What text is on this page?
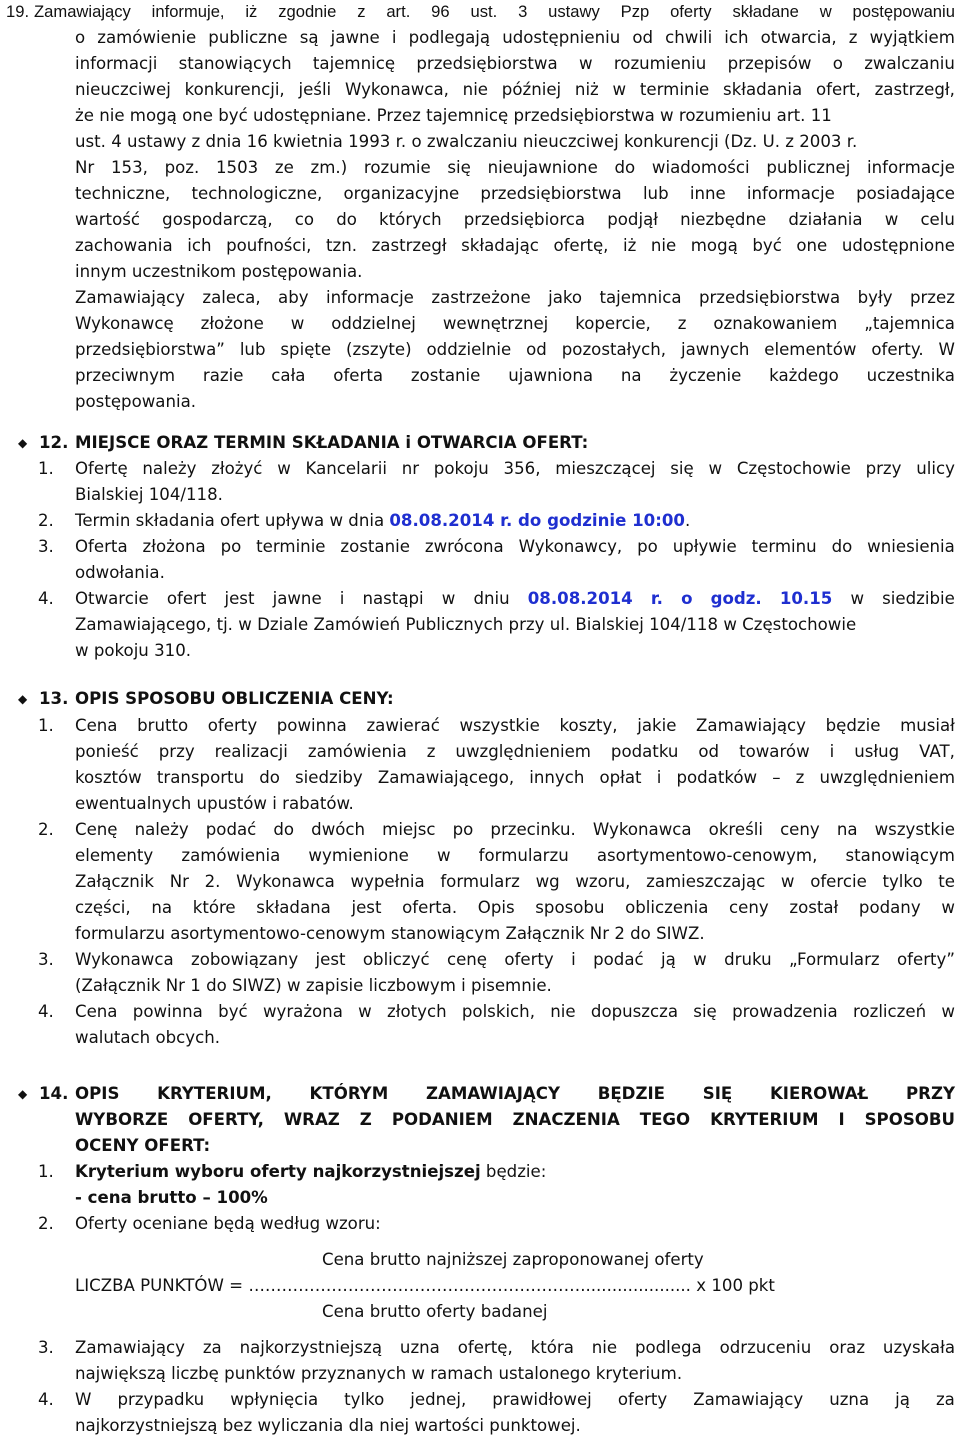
19. Zamawiający informuje, iż zgodnie z art. 96 ust. 3 ustawy Pzp oferty składane w postępowaniu
o zamówienie publiczne są jawne i podlegają udostępnieniu od chwili ich otwarcia, z wyjątkiem
informacji stanowiących tajemnicę przedsiębiorstwa w rozumieniu przepisów o zwalczaniu
nieuczciwej konkurencji, jeśli Wykonawca, nie później niż w terminie składania ofert, zastrzegł,
że nie mogą one być udostępniane. Przez tajemnicę przedsiębiorstwa w rozumieniu art. 11
ust. 4 ustawy z dnia 16 kwietnia 1993 r. o zwalczaniu nieuczciwej konkurencji (Dz. U. z 2003 r.
Nr 153, poz. 1503 ze zm.) rozumie się nieujawnione do wiadomości publicznej informacje
techniczne, technologiczne, organizacyjne przedsiębiorstwa lub inne informacje posiadające
wartość gospodarczą, co do których przedsiębiorca podjął niezbędne działania w celu
zachowania ich poufności, tzn. zastrzegł składając ofertę, iż nie mogą być one udostępnione
innym uczestnikom postępowania.
Zamawiający zaleca, aby informacje zastrzeżone jako tajemnica przedsiębiorstwa były przez
Wykonawcę złożone w oddzielnej wewnętrznej kopercie, z oznakowaniem „tajemnica
przedsiębiorstwa” lub spięte (zszyte) oddzielnie od pozostałych, jawnych elementów oferty. W
przeciwnym razie cała oferta zostanie ujawniona na życzenie każdego uczestnika
postępowania.
◆ 12. MIEJSCE ORAZ TERMIN SKŁADANIA i OTWARCIA OFERT:
1. Ofertę należy złożyć w Kancelarii nr pokoju 356, mieszczącej się w Częstochowie przy ulicy
Bialskiej 104/118.
2. Termin składania ofert upływa w dnia 08.08.2014 r. do godzinie 10:00.
3. Oferta złożona po terminie zostanie zwrócona Wykonawcy, po upływie terminu do wniesienia
odwołania.
4. Otwarcie ofert jest jawne i nastąpi w dniu 08.08.2014 r. o godz. 10.15 w siedzibie
Zamawiającego, tj. w Dziale Zamówień Publicznych przy ul. Bialskiej 104/118 w Częstochowie
w pokoju 310.
◆ 13. OPIS SPOSOBU OBLICZENIA CENY:
1. Cena brutto oferty powinna zawierać wszystkie koszty, jakie Zamawiający będzie musiał
ponieść przy realizacji zamówienia z uwzględnieniem podatku od towarów i usług VAT,
kosztów transportu do siedziby Zamawiającego, innych opłat i podatków – z uwzględnieniem
ewentualnych upustów i rabatów.
2. Cenę należy podać do dwóch miejsc po przecinku. Wykonawca określi ceny na wszystkie
elementy zamówienia wymienione w formularzu asortymentowo-cenowym, stanowiącym
Załącznik Nr 2. Wykonawca wypełnia formularz wg wzoru, zamieszczając w ofercie tylko te
części, na które składana jest oferta. Opis sposobu obliczenia ceny został podany w
formularzu asortymentowo-cenowym stanowiącym Załącznik Nr 2 do SIWZ.
3. Wykonawca zobowiązany jest obliczyć cenę oferty i podać ją w druku „Formularz oferty”
(Załącznik Nr 1 do SIWZ) w zapisie liczbowym i pisemnie.
4. Cena powinna być wyrażona w złotych polskich, nie dopuszcza się prowadzenia rozliczeń w
walutach obcych.
◆ 14. OPIS KRYTERIUM, KTÓRYM ZAMAWIAJĄCY BĘDZIE SIĘ KIEROWAŁ PRZY
WYBORZE OFERTY, WRAZ Z PODANIEM ZNACZENIA TEGO KRYTERIUM I SPOSOBU
OCENY OFERT:
1. Kryterium wyboru oferty najkorzystniejszej będzie:
- cena brutto – 100%
2. Oferty oceniane będą według wzoru:
Cena brutto najniższej zaproponowanej oferty
LICZBA PUNKTÓW = ……………………………………………………..................... x 100 pkt
Cena brutto oferty badanej
3. Zamawiający za najkorzystniejszą uzna ofertę, która nie podlega odrzuceniu oraz uzyskała
największą liczbę punktów przyznanych w ramach ustalonego kryterium.
4. W przypadku wpłynięcia tylko jednej, prawidłowej oferty Zamawiający uzna ją za
najkorzystniejszą bez wyliczania dla niej wartości punktowej.
